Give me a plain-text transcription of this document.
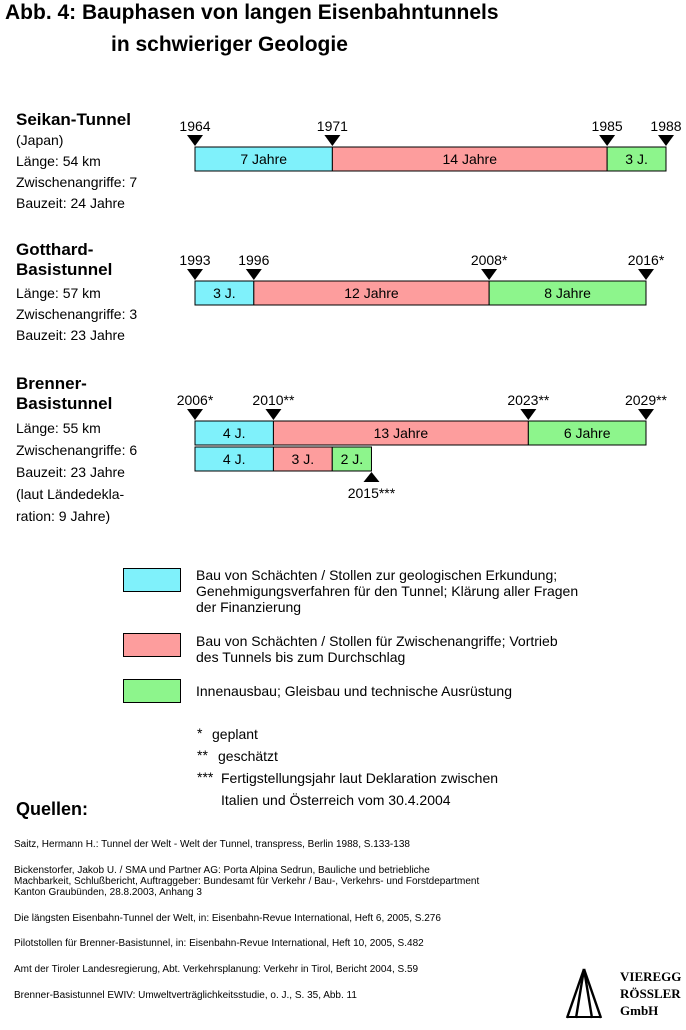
Abb. 4: Bauphasen von langen Eisenbahntunnels
in schwieriger Geologie
Seikan-Tunnel
(Japan)
Länge: 54 km
Zwischenangriffe: 7
Bauzeit: 24 Jahre
Gotthard-
Basistunnel
Länge: 57 km
Zwischenangriffe: 3
Bauzeit: 23 Jahre
Brenner-
Basistunnel
Länge: 55 km
Zwischenangriffe: 6
Bauzeit: 23 Jahre
(laut Ländedekla-
ration: 9 Jahre)
7 Jahre	14 Jahre	3 J.
1964	1971	1985 1988
3 J.	12 Jahre	8 Jahre
1993 1996	2008*	2016*
4 J.	13 Jahre	6 Jahre
2006*	2010**	2023**	2029**
4 J.	3 J. 2 J.
2015***
Bau von Schächten / Stollen zur geologischen Erkundung;
Genehmigungsverfahren für den Tunnel; Klärung aller Fragen
der Finanzierung
Bau von Schächten / Stollen für Zwischenangriffe; Vortrieb
des Tunnels bis zum Durchschlag
Innenausbau; Gleisbau und technische Ausrüstung
* geplant
** geschätzt
*** Fertigstellungsjahr laut Deklaration zwischen
Italien und Österreich vom 30.4.2004
Quellen:
Saitz, Hermann H.: Tunnel der Welt - Welt der Tunnel, transpress, Berlin 1988, S.133-138
Bickenstorfer, Jakob U. / SMA und Partner AG: Porta Alpina Sedrun, Bauliche und betriebliche
Machbarkeit, Schlußbericht, Auftraggeber: Bundesamt für Verkehr / Bau-, Verkehrs- und Forstdepartment
Kanton Graubünden, 28.8.2003, Anhang 3
Die längsten Eisenbahn-Tunnel der Welt, in: Eisenbahn-Revue International, Heft 6, 2005, S.276
Pilotstollen für Brenner-Basistunnel, in: Eisenbahn-Revue International, Heft 10, 2005, S.482
Amt der Tiroler Landesregierung, Abt. Verkehrsplanung: Verkehr in Tirol, Bericht 2004, S.59
Brenner-Basistunnel EWIV: Umweltverträglichkeitsstudie, o. J., S. 35, Abb. 11
VIEREGG
RÖSSLER
GmbH
